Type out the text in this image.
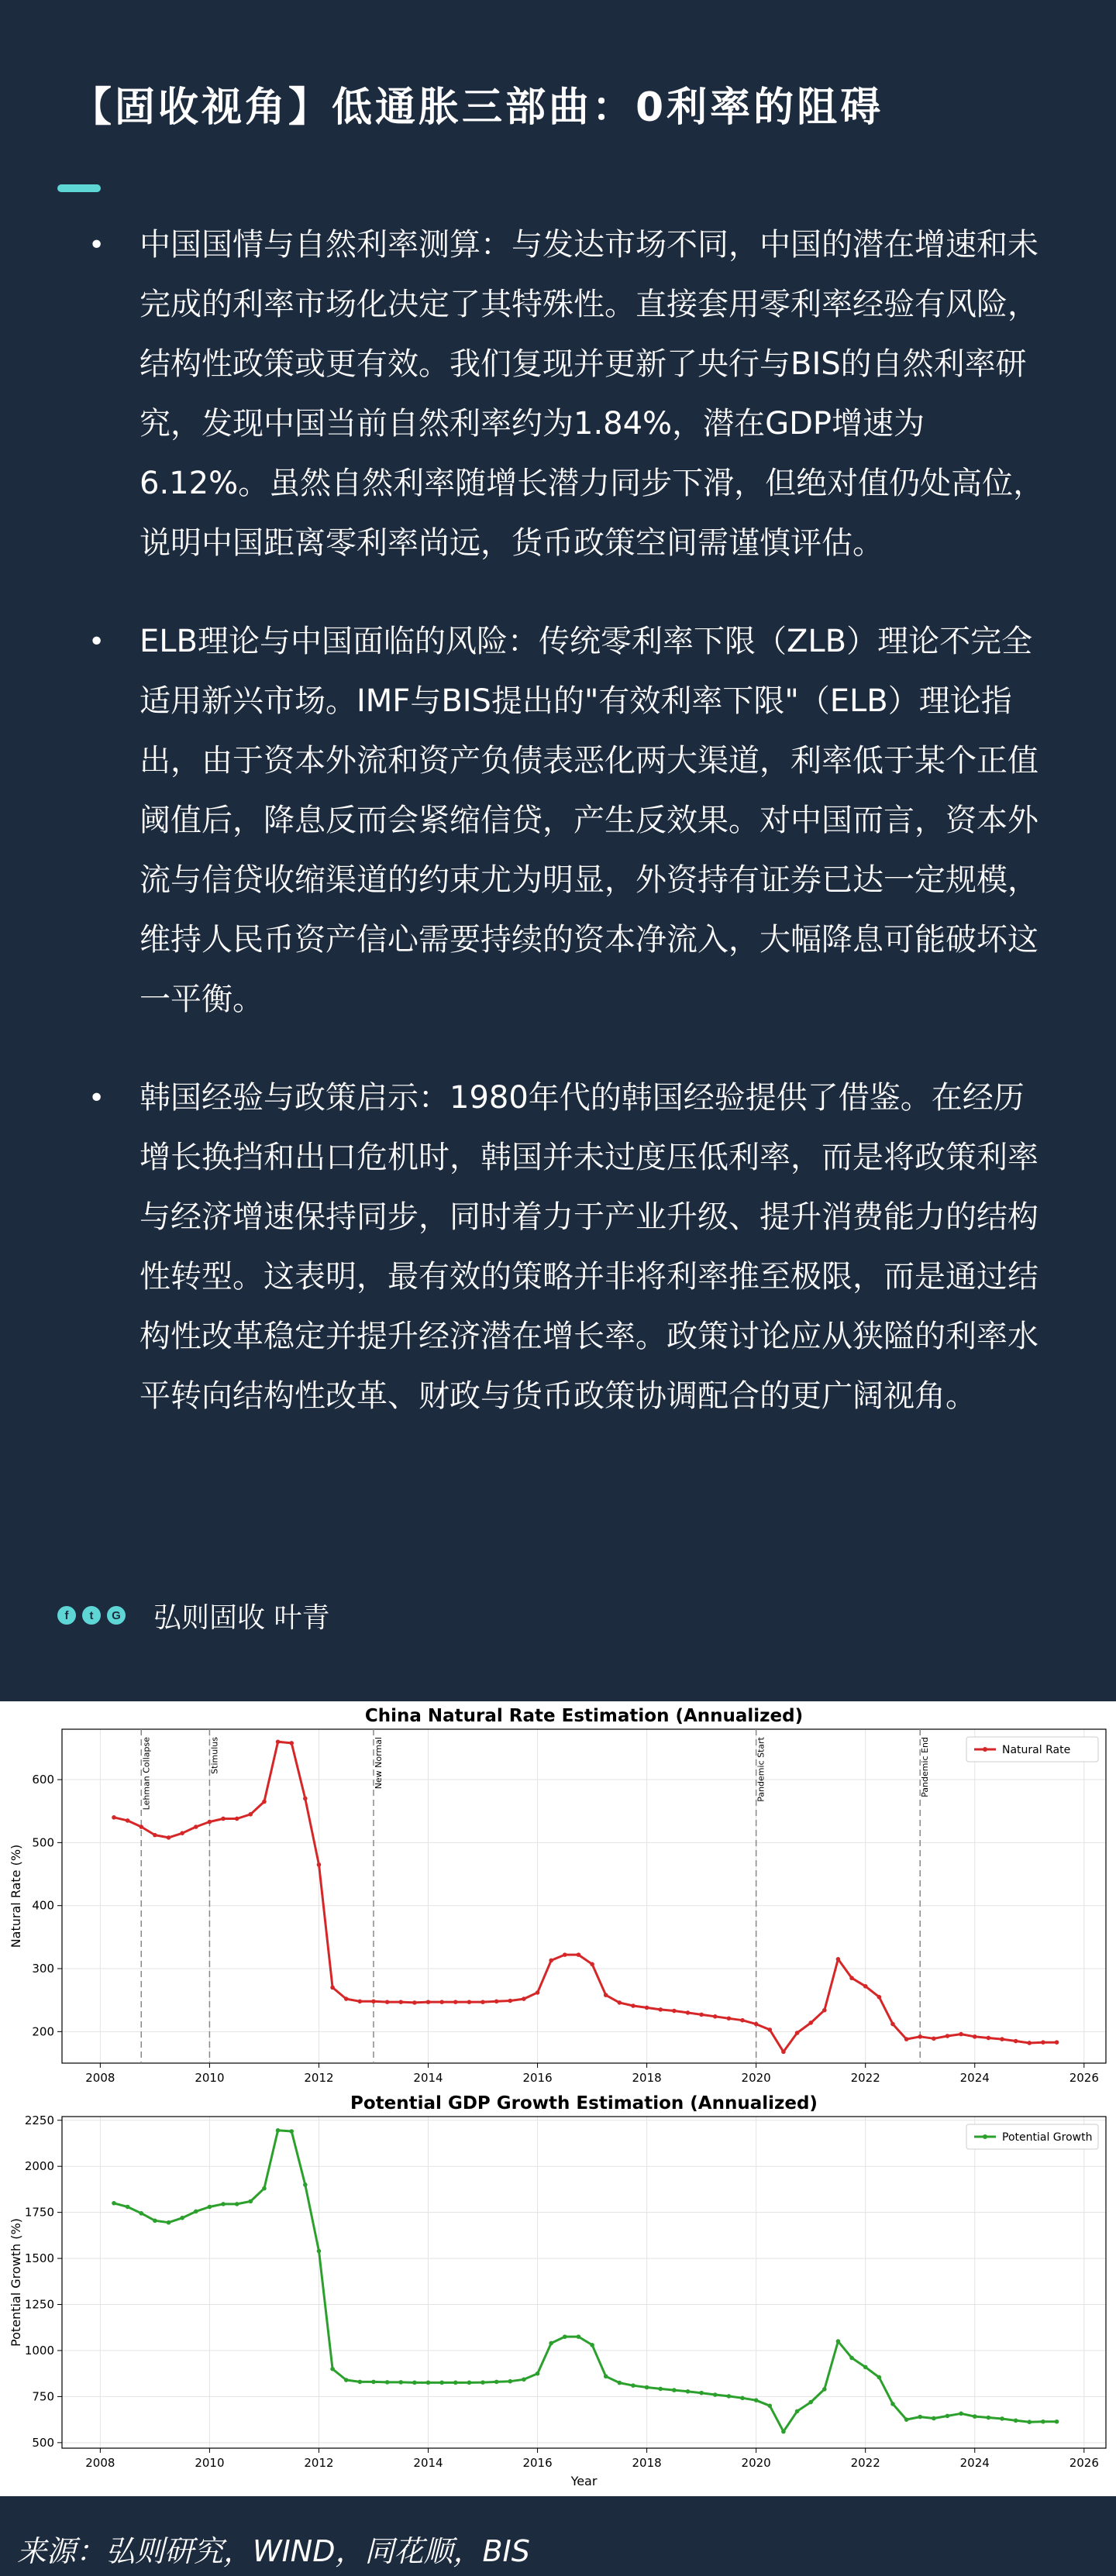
【固收视角】低通胀三部曲：0利率的阻碍
• 中国国情与自然利率测算：与发达市场不同，中国的潜在增速和未完成的利率市场化决定了其特殊性。直接套用零利率经验有风险，结构性政策或更有效。我们复现并更新了央行与BIS的自然利率研究，发现中国当前自然利率约为1.84%，潜在GDP增速为6.12%。虽然自然利率随增长潜力同步下滑，但绝对值仍处高位，说明中国距离零利率尚远，货币政策空间需谨慎评估。
• ELB理论与中国面临的风险：传统零利率下限（ZLB）理论不完全适用新兴市场。IMF与BIS提出的"有效利率下限"（ELB）理论指出，由于资本外流和资产负债表恶化两大渠道，利率低于某个正值阈值后，降息反而会紧缩信贷，产生反效果。对中国而言，资本外流与信贷收缩渠道的约束尤为明显，外资持有证券已达一定规模，维持人民币资产信心需要持续的资本净流入，大幅降息可能破坏这一平衡。
• 韩国经验与政策启示：1980年代的韩国经验提供了借鉴。在经历增长换挡和出口危机时，韩国并未过度压低利率，而是将政策利率与经济增速保持同步，同时着力于产业升级、提升消费能力的结构性转型。这表明，最有效的策略并非将利率推至极限，而是通过结构性改革稳定并提升经济潜在增长率。政策讨论应从狭隘的利率水平转向结构性改革、财政与货币政策协调配合的更广阔视角。
f	t	G 弘则固收 叶青
China Natural Rate Estimation (Annualized)
2008	2010	2012	2014	2016	2018	2020	2022	2024	2026
200
300
400
500
600
Natural Rate (%)
Lehman Collapse	Stimulus	New Normal	Pandemic Start	Pandemic End	Natural Rate
Potential GDP Growth Estimation (Annualized)
2008	2010	2012	2014	2016	2018	2020	2022	2024	2026
500
750
1000
1250
1500
1750
2000
2250
Potential Growth (%)
Year
Potential Growth
来源：弘则研究，WIND，同花顺，BIS
